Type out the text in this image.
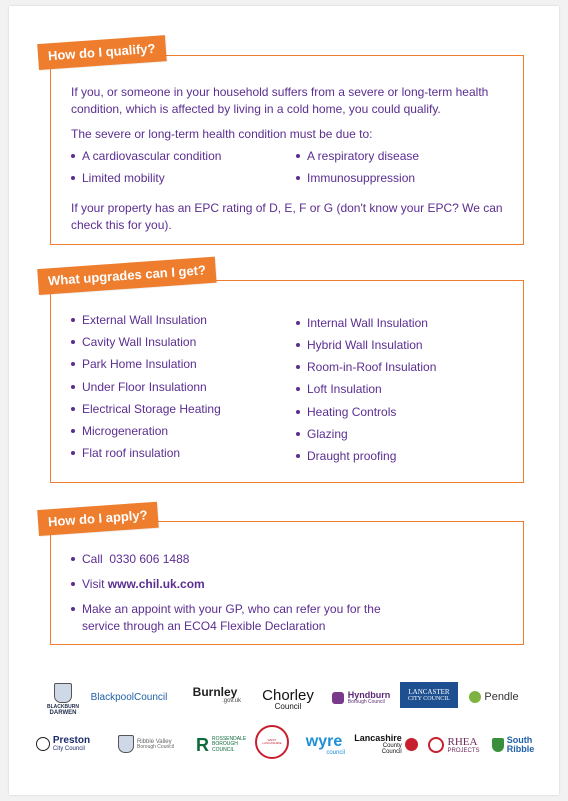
If you, or someone in your household suffers from a severe or long-term health condition, which is affected by living in a cold home, you could qualify.
The severe or long-term health condition must be due to:
A cardiovascular condition	A respiratory disease
Limited mobility	Immunosuppression
If your property has an EPC rating of D, E, F or G (don't know your EPC? We can check this for you).
How do I qualify?
External Wall Insulation
Cavity Wall Insulation
Park Home Insulation
Under Floor Insulationn
Electrical Storage Heating
Microgeneration
Flat roof insulation
Internal Wall Insulation
Hybrid Wall Insulation
Room-in-Roof Insulation
Loft Insulation
Heating Controls
Glazing
Draught proofing
What upgrades can I get?
Call 0330 606 1488
Visit www.chil.uk.com
Make an appoint with your GP, who can refer you for the
service through an ECO4 Flexible Declaration
How do I apply?
BLACKBURN
DARWEN
BlackpoolCouncil Burnley
.gov.uk Chorley
Council
Hyndburn
Borough Council
LANCASTER
CITY COUNCIL	Pendle
Preston
City Council
Ribble Valley
Borough Council R ROSSENDALE BOROUGH COUNCIL
WEST LANCASHIRE wyre
council
Lancashire
County
Council
RHEA
PROJECTS
South
Ribble
